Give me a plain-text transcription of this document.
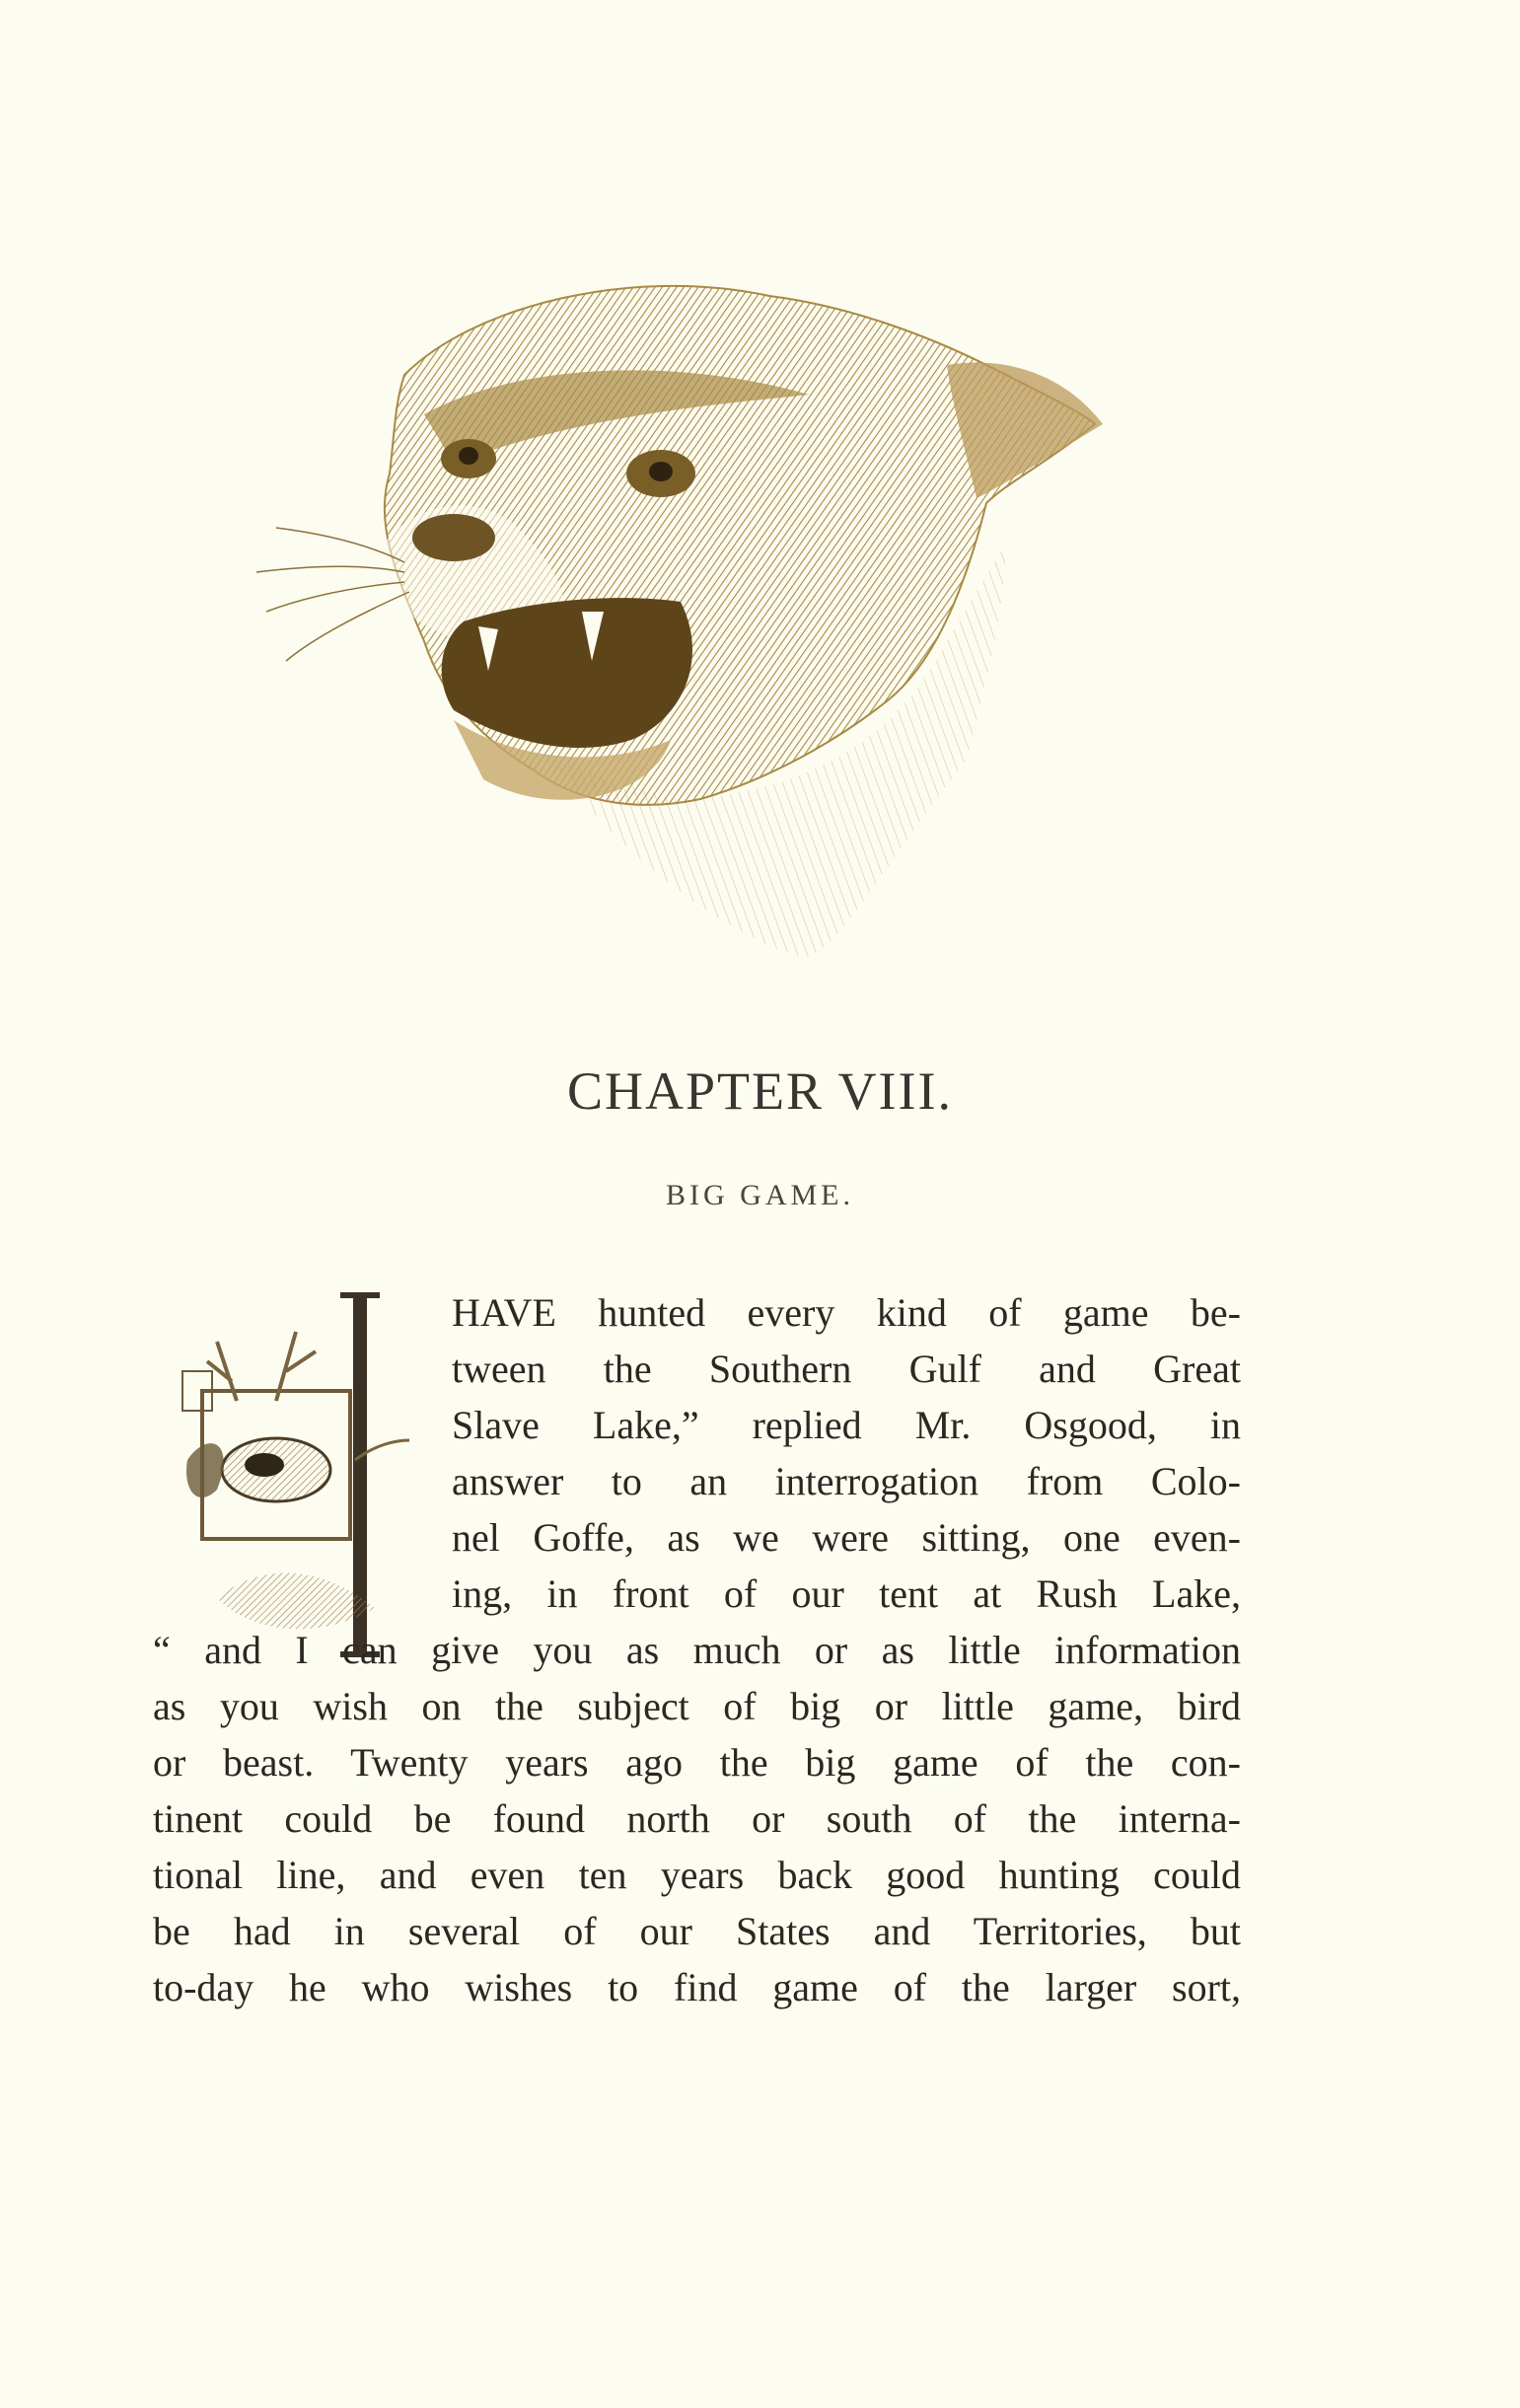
CHAPTER VIII.
BIG GAME.
HAVE hunted every kind of game be-
tween the Southern Gulf and Great
Slave Lake,” replied Mr. Osgood, in
answer to an interrogation from Colo-
nel Goffe, as we were sitting, one even-
ing, in front of our tent at Rush Lake,
“ and I can give you as much or as little information
as you wish on the subject of big or little game, bird
or beast. Twenty years ago the big game of the con-
tinent could be found north or south of the interna-
tional line, and even ten years back good hunting could
be had in several of our States and Territories, but
to-day he who wishes to find game of the larger sort,
